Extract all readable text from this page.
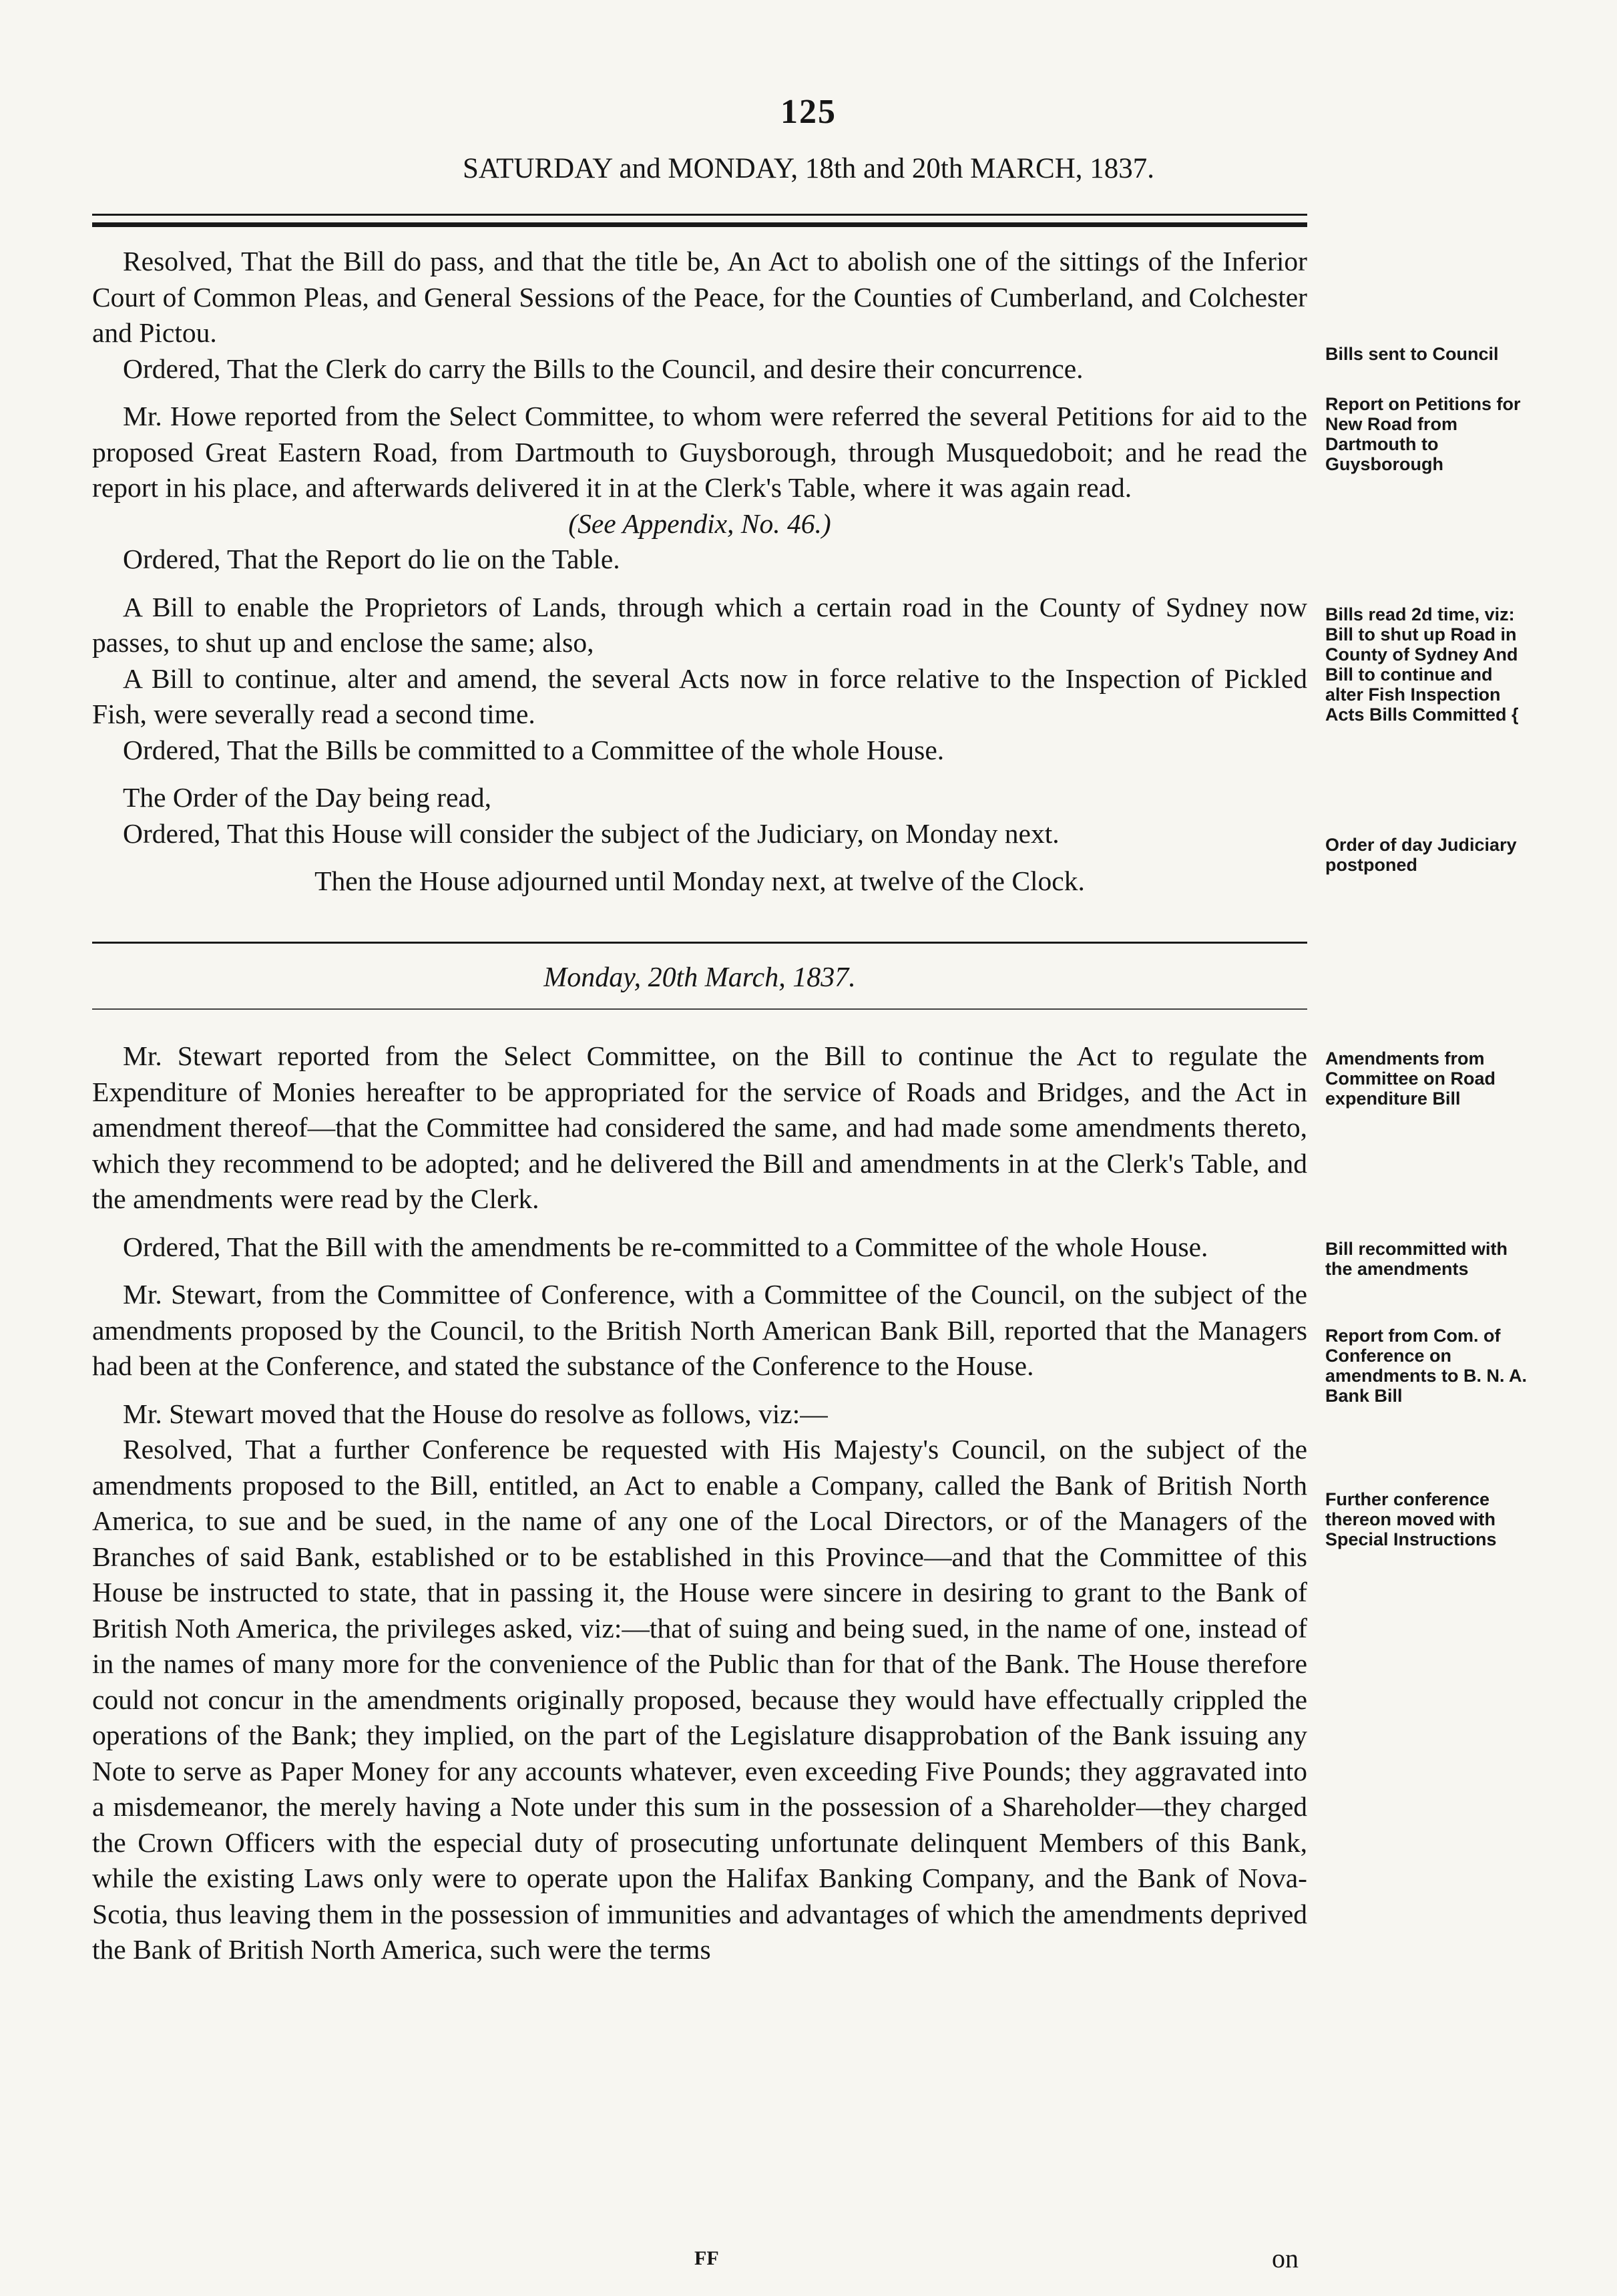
125
SATURDAY and MONDAY, 18th and 20th MARCH, 1837.

Resolved, That the Bill do pass, and that the title be, An Act to abolish one of the sittings of the Inferior Court of Common Pleas, and General Sessions of the Peace, for the Counties of Cumberland, and Colchester and Pictou.

Ordered, That the Clerk do carry the Bills to the Council, and desire their concurrence.

Mr. Howe reported from the Select Committee, to whom were referred the several Petitions for aid to the proposed Great Eastern Road, from Dartmouth to Guysborough, through Musquedoboit; and he read the report in his place, and afterwards delivered it in at the Clerk's Table, where it was again read.

(See Appendix, No. 46.)

Ordered, That the Report do lie on the Table.

A Bill to enable the Proprietors of Lands, through which a certain road in the County of Sydney now passes, to shut up and enclose the same; also,

A Bill to continue, alter and amend, the several Acts now in force relative to the Inspection of Pickled Fish, were severally read a second time.

Ordered, That the Bills be committed to a Committee of the whole House.

The Order of the Day being read,

Ordered, That this House will consider the subject of the Judiciary, on Monday next.

Then the House adjourned until Monday next, at twelve of the Clock.

Monday, 20th March, 1837.

Mr. Stewart reported from the Select Committee, on the Bill to continue the Act to regulate the Expenditure of Monies hereafter to be appropriated for the service of Roads and Bridges, and the Act in amendment thereof—that the Committee had considered the same, and had made some amendments thereto, which they recommend to be adopted; and he delivered the Bill and amendments in at the Clerk's Table, and the amendments were read by the Clerk.

Ordered, That the Bill with the amendments be re-committed to a Committee of the whole House.

Mr. Stewart, from the Committee of Conference, with a Committee of the Council, on the subject of the amendments proposed by the Council, to the British North American Bank Bill, reported that the Managers had been at the Conference, and stated the substance of the Conference to the House.

Mr. Stewart moved that the House do resolve as follows, viz:—

Resolved, That a further Conference be requested with His Majesty's Council, on the subject of the amendments proposed to the Bill, entitled, an Act to enable a Company, called the Bank of British North America, to sue and be sued, in the name of any one of the Local Directors, or of the Managers of the Branches of said Bank, established or to be established in this Province—and that the Committee of this House be instructed to state, that in passing it, the House were sincere in desiring to grant to the Bank of British Noth America, the privileges asked, viz:—that of suing and being sued, in the name of one, instead of in the names of many more for the convenience of the Public than for that of the Bank. The House therefore could not concur in the amendments originally proposed, because they would have effectually crippled the operations of the Bank; they implied, on the part of the Legislature disapprobation of the Bank issuing any Note to serve as Paper Money for any accounts whatever, even exceeding Five Pounds; they aggravated into a misdemeanor, the merely having a Note under this sum in the possession of a Shareholder—they charged the Crown Officers with the especial duty of prosecuting unfortunate delinquent Members of this Bank, while the existing Laws only were to operate upon the Halifax Banking Company, and the Bank of Nova-Scotia, thus leaving them in the possession of immunities and advantages of which the amendments deprived the Bank of British North America, such were the terms

Bills sent to Council
Report on Petitions for New Road from Dartmouth to Guysborough
Bills read 2d time, viz: Bill to shut up Road in County of Sydney And Bill to continue and alter Fish Inspection Acts Bills Committed {
Order of day Judiciary postponed
Amendments from Committee on Road expenditure Bill
Bill recommitted with the amendments
Report from Com. of Conference on amendments to B. N. A. Bank Bill
Further conference thereon moved with Special Instructions
FF	on
